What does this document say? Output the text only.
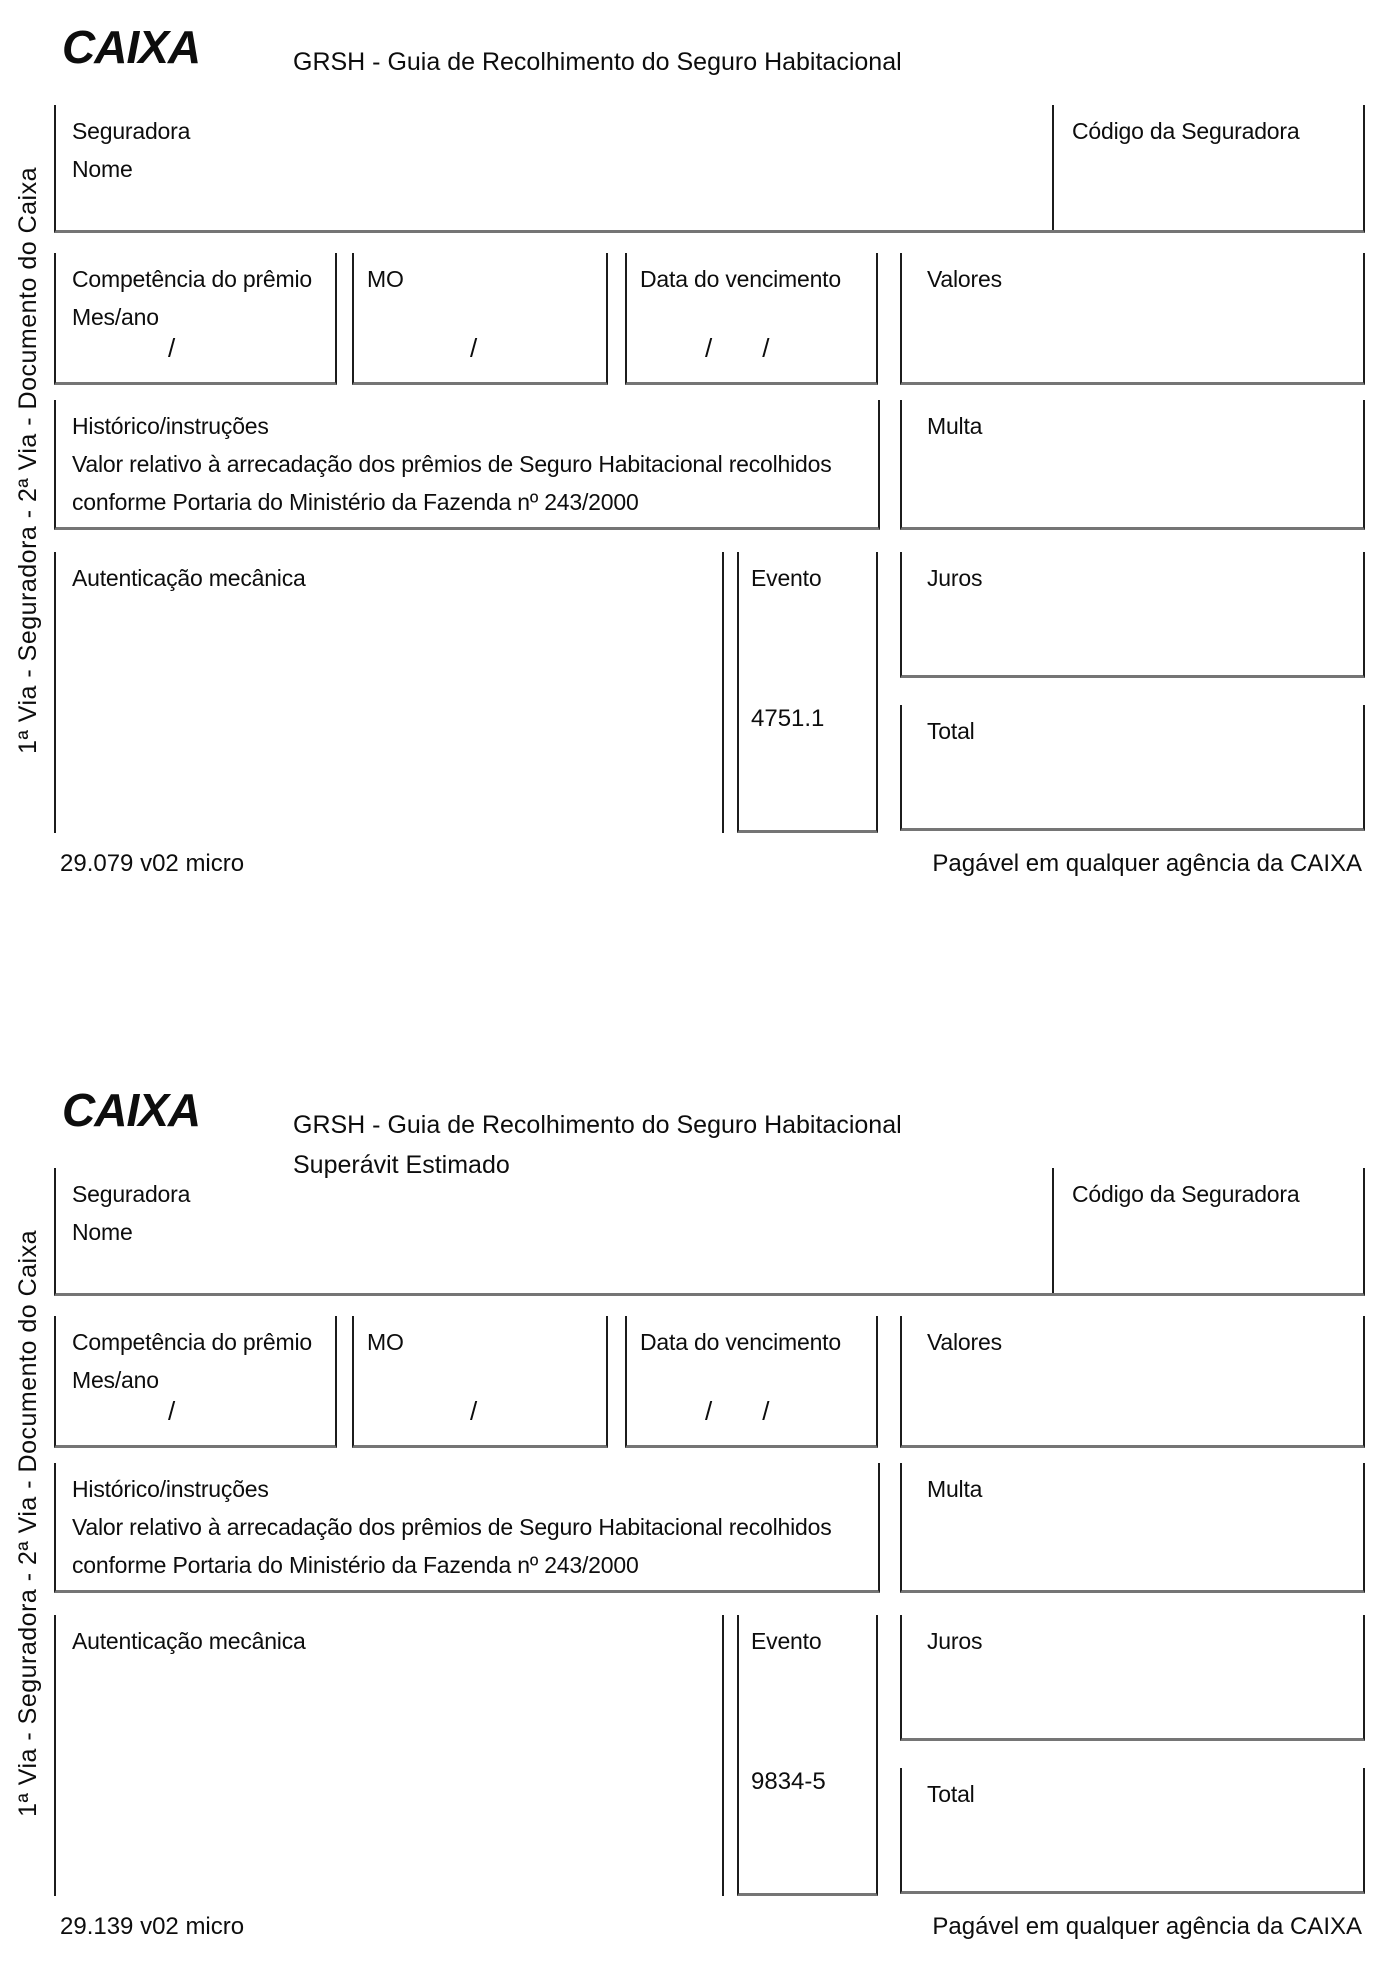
CAIXA	GRSH - Guia de Recolhimento do Seguro Habitacional
1ª Via - Seguradora - 2ª Via - Documento do Caixa
Seguradora
Nome
Código da Seguradora
Competência do prêmio
Mes/ano
/
MO
/
Data do vencimento
/ /
Valores
Histórico/instruções
Valor relativo à arrecadação dos prêmios de Seguro Habitacional recolhidos
conforme Portaria do Ministério da Fazenda nº 243/2000
Multa
Autenticação mecânica	Evento
4751.1
Juros
Total
29.079 v02 micro	Pagável em qualquer agência da CAIXA
CAIXA	GRSH - Guia de Recolhimento do Seguro Habitacional
Superávit Estimado
1ª Via - Seguradora - 2ª Via - Documento do Caixa
Seguradora
Nome
Código da Seguradora
Competência do prêmio
Mes/ano
/
MO
/
Data do vencimento
/ /
Valores
Histórico/instruções
Valor relativo à arrecadação dos prêmios de Seguro Habitacional recolhidos
conforme Portaria do Ministério da Fazenda nº 243/2000
Multa
Autenticação mecânica	Evento
9834-5
Juros
Total
29.139 v02 micro	Pagável em qualquer agência da CAIXA
